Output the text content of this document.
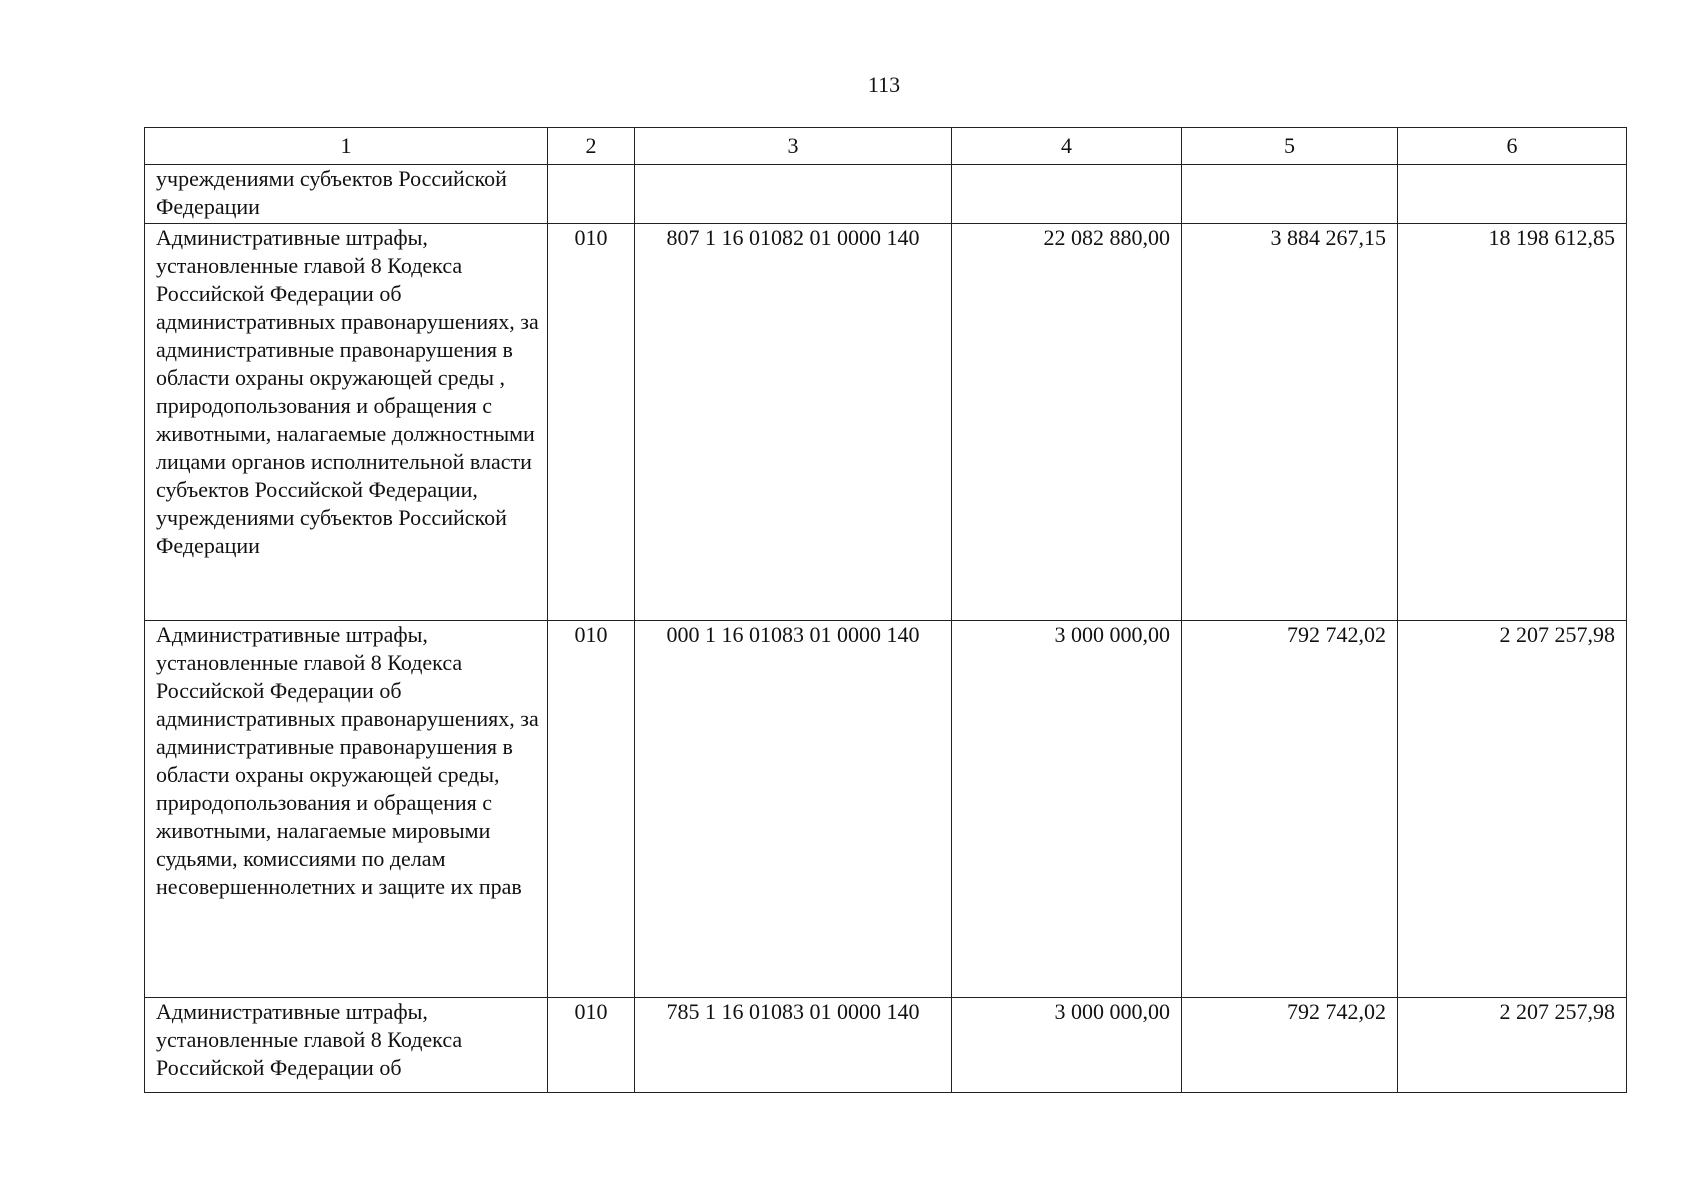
113
1	2	3	4	5	6
учреждениями субъектов Российской Федерации					
Административные штрафы, установленные главой 8 Кодекса Российской Федерации об административных правонарушениях, за административные правонарушения в области охраны окружающей среды , природопользования и обращения с животными, налагаемые должностными лицами органов исполнительной власти субъектов Российской Федерации, учреждениями субъектов Российской Федерации	010	807 1 16 01082 01 0000 140	22 082 880,00	3 884 267,15	18 198 612,85
Административные штрафы, установленные главой 8 Кодекса Российской Федерации об административных правонарушениях, за административные правонарушения в области охраны окружающей среды, природопользования и обращения с животными, налагаемые мировыми судьями, комиссиями по делам несовершеннолетних и защите их прав	010	000 1 16 01083 01 0000 140	3 000 000,00	792 742,02	2 207 257,98
Административные штрафы, установленные главой 8 Кодекса Российской Федерации об	010	785 1 16 01083 01 0000 140	3 000 000,00	792 742,02	2 207 257,98
